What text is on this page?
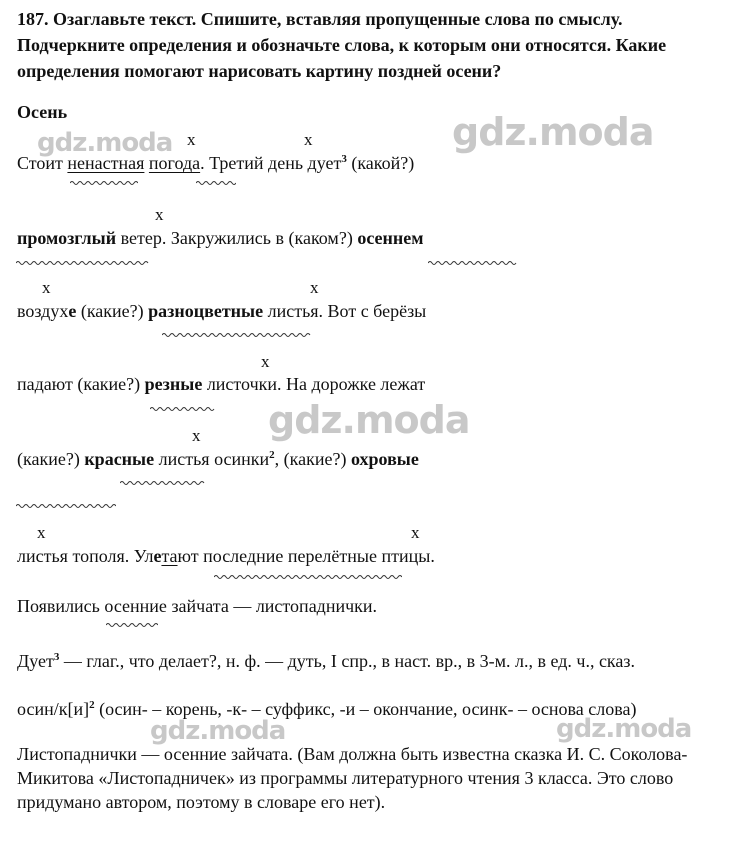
187. Озаглавьте текст. Спишите, вставляя пропущенные слова по смыслу. Подчеркните определения и обозначьте слова, к которым они относятся. Какие определения помогают нарисовать картину поздней осени?
Осень
gdz.moda	gdz.moda
gdz.moda
gdz.moda	gdz.moda
x	x
x
x	x
x
x
x	x
Стоит ненастная погода. Третий день дует$^3$ (какой?)
промозглый ветер. Закружились в (каком?) осеннем
воздухе (какие?) разноцветные листья. Вот с берёзы
падают (какие?) резные листочки. На дорожке лежат
(какие?) красные листья осинки$^2$, (какие?) охровые
листья тополя. Улетают последние перелётные птицы.
Появились осенние зайчата — листопаднички.
Дует$^3$ — глаг., что делает?, н. ф. — дуть, I спр., в наст. вр., в 3-м. л., в ед. ч., сказ.
осин/$к[и]^2$ (осин- – корень, -к- – суффикс, -и – окончание, осинк- – основа слова)
Листопаднички — осенние зайчата. (Вам должна быть известна сказка И. С. Соколова-Микитова «Листопадничек» из программы литературного чтения 3 класса. Это слово придумано автором, поэтому в словаре его нет).
